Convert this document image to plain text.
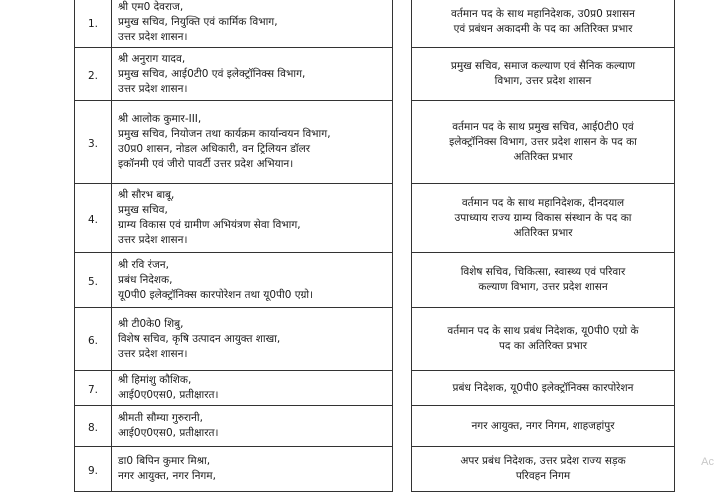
1.	श्री एम0 देवराज,
प्रमुख सचिव, नियुक्ति एवं कार्मिक विभाग,
उत्तर प्रदेश शासन।		वर्तमान पद के साथ महानिदेशक, उ0प्र0 प्रशासन
एवं प्रबंधन अकादमी के पद का अतिरिक्त प्रभार

2.	श्री अनुराग यादव,
प्रमुख सचिव, आई0टी0 एवं इलेक्ट्रॉनिक्स विभाग,
उत्तर प्रदेश शासन।		प्रमुख सचिव, समाज कल्याण एवं सैनिक कल्याण
विभाग, उत्तर प्रदेश शासन

3.	श्री आलोक कुमार-III,
प्रमुख सचिव, नियोजन तथा कार्यक्रम कार्यान्वयन विभाग,
उ0प्र0 शासन, नोडल अधिकारी, वन ट्रिलियन डॉलर
इकॉनमी एवं जीरो पावर्टी उत्तर प्रदेश अभियान।		वर्तमान पद के साथ प्रमुख सचिव, आई0टी0 एवं
इलेक्ट्रॉनिक्स विभाग, उत्तर प्रदेश शासन के पद का
अतिरिक्त प्रभार

4.	श्री सौरभ बाबू,
प्रमुख सचिव,
ग्राम्य विकास एवं ग्रामीण अभियंत्रण सेवा विभाग,
उत्तर प्रदेश शासन।		वर्तमान पद के साथ महानिदेशक, दीनदयाल
उपाध्याय राज्य ग्राम्य विकास संस्थान के पद का
अतिरिक्त प्रभार

5.	श्री रवि रंजन,
प्रबंध निदेशक,
यू0पी0 इलेक्ट्रॉनिक्स कारपोरेशन तथा यू0पी0 एग्रो।		विशेष सचिव, चिकित्सा, स्वास्थ्य एवं परिवार
कल्याण विभाग, उत्तर प्रदेश शासन

6.	श्री टी0के0 शिबु,
विशेष सचिव, कृषि उत्पादन आयुक्त शाखा,
उत्तर प्रदेश शासन।		वर्तमान पद के साथ प्रबंध निदेशक, यू0पी0 एग्रो के
पद का अतिरिक्त प्रभार

7.	श्री हिमांशु कौशिक,
आई0ए0एस0, प्रतीक्षारत।		प्रबंध निदेशक, यू0पी0 इलेक्ट्रॉनिक्स कारपोरेशन

8.	श्रीमती सौम्या गुरुरानी,
आई0ए0एस0, प्रतीक्षारत।		नगर आयुक्त, नगर निगम, शाहजहांपुर

9.	डा0 बिपिन कुमार मिश्रा,
नगर आयुक्त, नगर निगम,		अपर प्रबंध निदेशक, उत्तर प्रदेश राज्य सड़क
परिवहन निगम
Ac
